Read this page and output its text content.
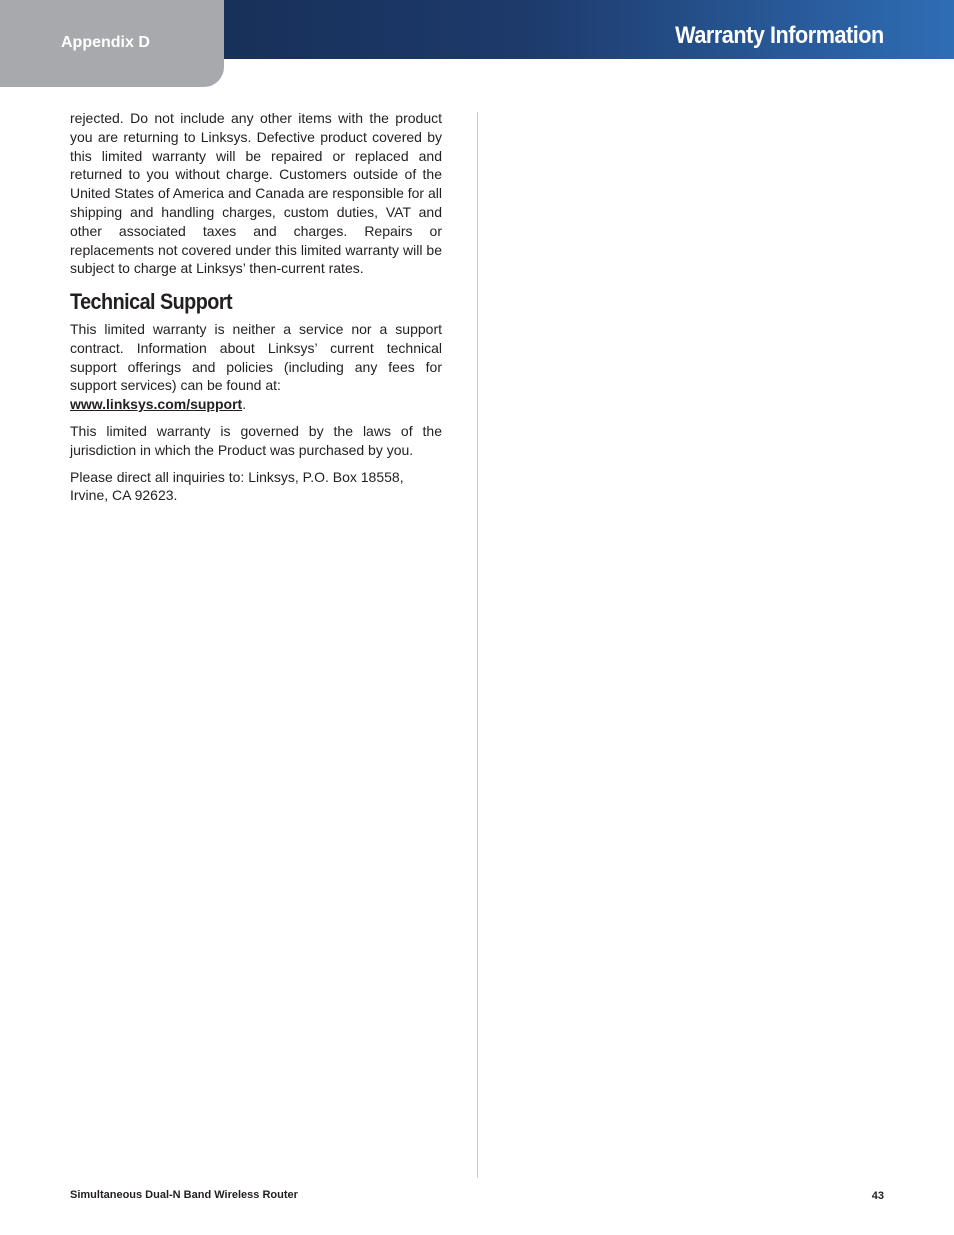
Appendix D	Warranty Information

rejected. Do not include any other items with the product you are returning to Linksys. Defective product covered by this limited warranty will be repaired or replaced and returned to you without charge. Customers outside of the United States of America and Canada are responsible for all shipping and handling charges, custom duties, VAT and other associated taxes and charges. Repairs or replacements not covered under this limited warranty will be subject to charge at Linksys’ then-current rates.

Technical Support

This limited warranty is neither a service nor a support contract. Information about Linksys’ current technical support offerings and policies (including any fees for support services) can be found at:
www.linksys.com/support.

This limited warranty is governed by the laws of the jurisdiction in which the Product was purchased by you.

Please direct all inquiries to: Linksys, P.O. Box 18558, Irvine, CA 92623.

Simultaneous Dual-N Band Wireless Router	43
